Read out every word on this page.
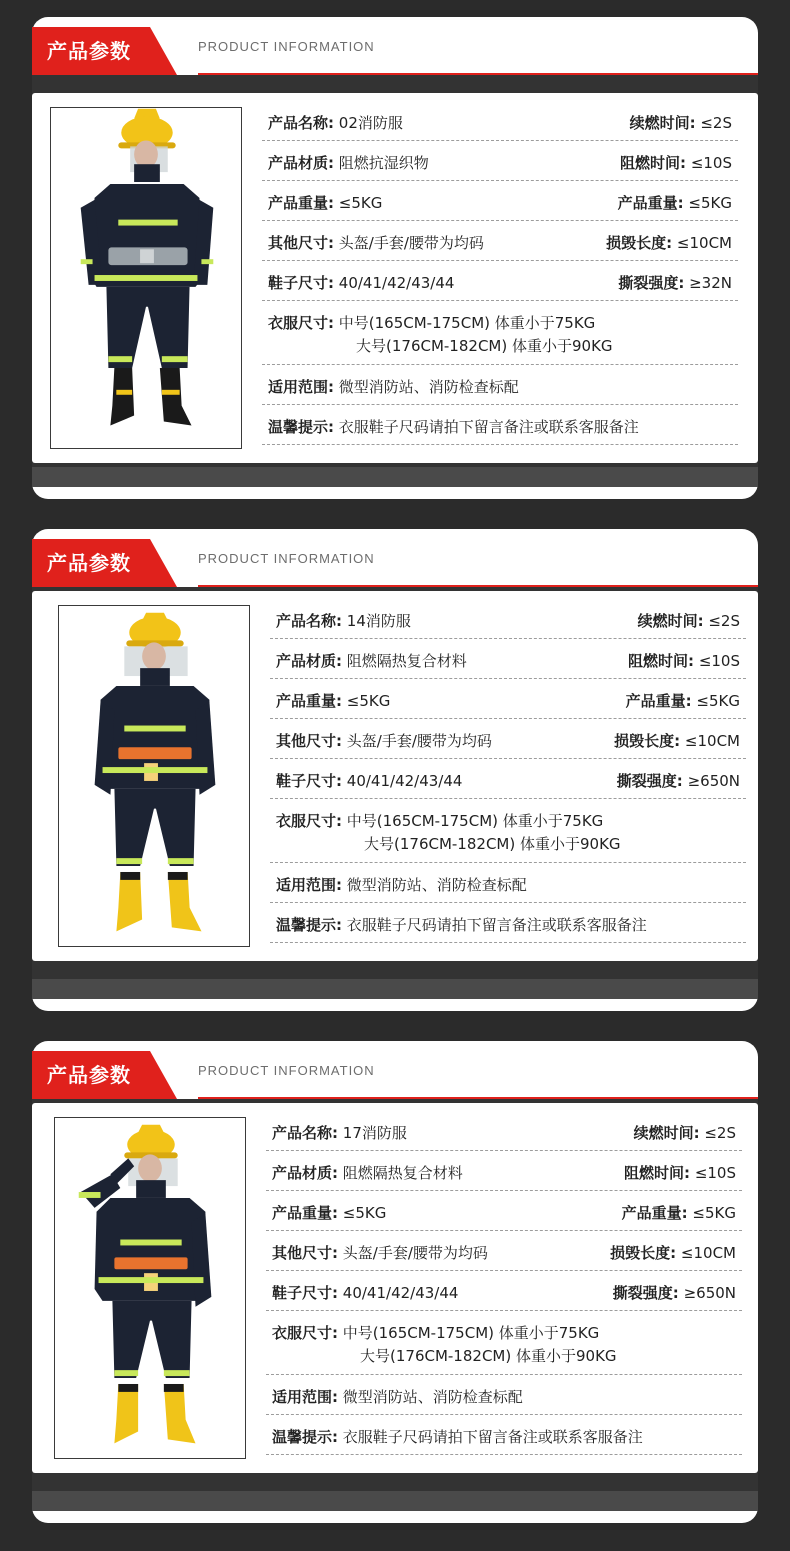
产品参数	PRODUCT INFORMATION
产品名称: 02消防服	续燃时间: ≤2S
产品材质: 阻燃抗湿织物	阻燃时间: ≤10S
产品重量: ≤5KG	产品重量: ≤5KG
其他尺寸: 头盔/手套/腰带为均码	损毁长度: ≤10CM
鞋子尺寸: 40/41/42/43/44	撕裂强度: ≥32N
衣服尺寸: 中号(165CM-175CM) 体重小于75KG
大号(176CM-182CM) 体重小于90KG
适用范围: 微型消防站、消防检查标配
温馨提示: 衣服鞋子尺码请拍下留言备注或联系客服备注
产品参数	PRODUCT INFORMATION
产品名称: 14消防服	续燃时间: ≤2S
产品材质: 阻燃隔热复合材料	阻燃时间: ≤10S
产品重量: ≤5KG	产品重量: ≤5KG
其他尺寸: 头盔/手套/腰带为均码	损毁长度: ≤10CM
鞋子尺寸: 40/41/42/43/44	撕裂强度: ≥650N
衣服尺寸: 中号(165CM-175CM) 体重小于75KG
大号(176CM-182CM) 体重小于90KG
适用范围: 微型消防站、消防检查标配
温馨提示: 衣服鞋子尺码请拍下留言备注或联系客服备注
产品参数	PRODUCT INFORMATION
产品名称: 17消防服	续燃时间: ≤2S
产品材质: 阻燃隔热复合材料	阻燃时间: ≤10S
产品重量: ≤5KG	产品重量: ≤5KG
其他尺寸: 头盔/手套/腰带为均码	损毁长度: ≤10CM
鞋子尺寸: 40/41/42/43/44	撕裂强度: ≥650N
衣服尺寸: 中号(165CM-175CM) 体重小于75KG
大号(176CM-182CM) 体重小于90KG
适用范围: 微型消防站、消防检查标配
温馨提示: 衣服鞋子尺码请拍下留言备注或联系客服备注
